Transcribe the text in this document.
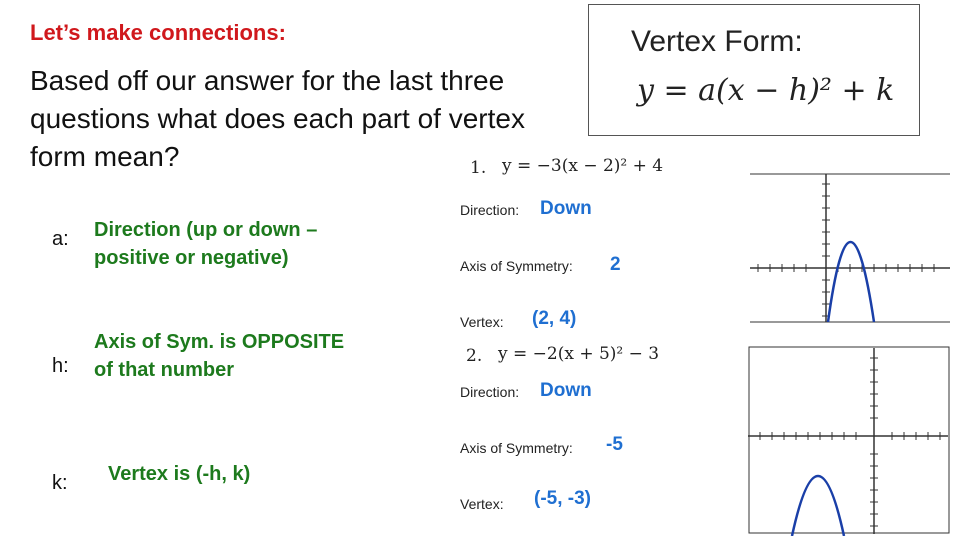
Let’s make connections:
Based off our answer for the last three questions what does each part of vertex form mean?
a: Direction (up or down –
positive or negative)
h:
Axis of Sym. is OPPOSITE
of that number
k: Vertex is (-h, k)
Vertex Form:
y = a(x − h)² + k
1. y = −3(x − 2)² + 4
Direction: Down
Axis of Symmetry: 2
Vertex: (2, 4)
2. y = −2(x + 5)² − 3
Direction: Down
Axis of Symmetry: -5
Vertex: (-5, -3)
